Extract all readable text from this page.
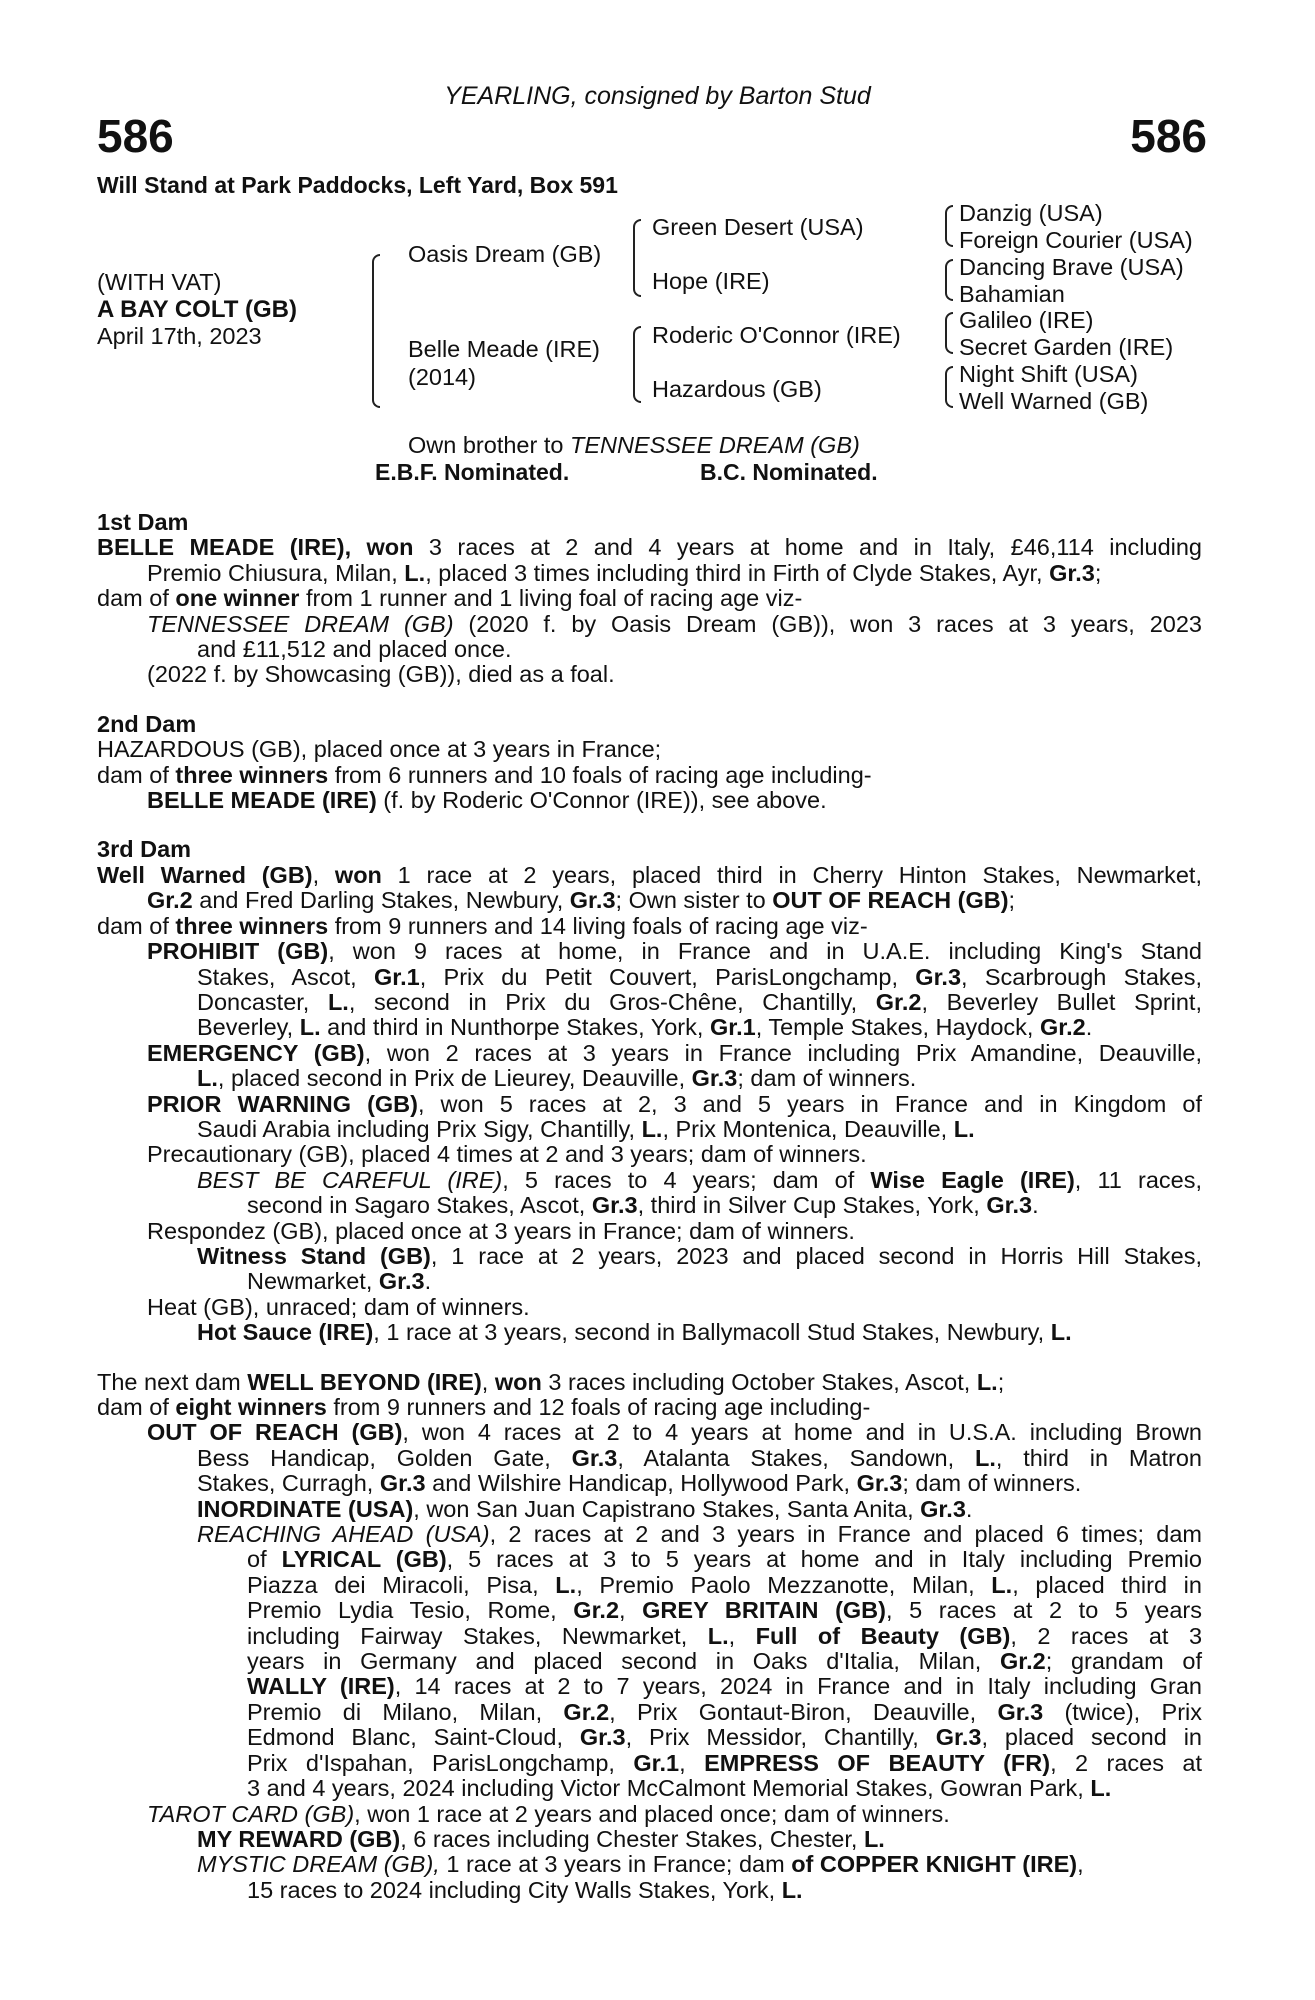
YEARLING, consigned by Barton Stud
586	586
Will Stand at Park Paddocks, Left Yard, Box 591
(WITH VAT)
A BAY COLT (GB)
April 17th, 2023
Oasis Dream (GB)
Belle Meade (IRE)
(2014)
Green Desert (USA)
Hope (IRE)
Roderic O'Connor (IRE)
Hazardous (GB)
Danzig (USA)
Foreign Courier (USA)
Dancing Brave (USA)
Bahamian
Galileo (IRE)
Secret Garden (IRE)
Night Shift (USA)
Well Warned (GB)
Own brother to TENNESSEE DREAM (GB)
E.B.F. Nominated.	B.C. Nominated.
1st Dam
BELLE MEADE (IRE), won 3 races at 2 and 4 years at home and in Italy, £46,114 including
Premio Chiusura, Milan, L., placed 3 times including third in Firth of Clyde Stakes, Ayr, Gr.3;
dam of one winner from 1 runner and 1 living foal of racing age viz-
TENNESSEE DREAM (GB) (2020 f. by Oasis Dream (GB)), won 3 races at 3 years, 2023
and £11,512 and placed once.
(2022 f. by Showcasing (GB)), died as a foal.
2nd Dam
HAZARDOUS (GB), placed once at 3 years in France;
dam of three winners from 6 runners and 10 foals of racing age including-
BELLE MEADE (IRE) (f. by Roderic O'Connor (IRE)), see above.
3rd Dam
Well Warned (GB), won 1 race at 2 years, placed third in Cherry Hinton Stakes, Newmarket,
Gr.2 and Fred Darling Stakes, Newbury, Gr.3; Own sister to OUT OF REACH (GB);
dam of three winners from 9 runners and 14 living foals of racing age viz-
PROHIBIT (GB), won 9 races at home, in France and in U.A.E. including King's Stand
Stakes, Ascot, Gr.1, Prix du Petit Couvert, ParisLongchamp, Gr.3, Scarbrough Stakes,
Doncaster, L., second in Prix du Gros-Chêne, Chantilly, Gr.2, Beverley Bullet Sprint,
Beverley, L. and third in Nunthorpe Stakes, York, Gr.1, Temple Stakes, Haydock, Gr.2.
EMERGENCY (GB), won 2 races at 3 years in France including Prix Amandine, Deauville,
L., placed second in Prix de Lieurey, Deauville, Gr.3; dam of winners.
PRIOR WARNING (GB), won 5 races at 2, 3 and 5 years in France and in Kingdom of
Saudi Arabia including Prix Sigy, Chantilly, L., Prix Montenica, Deauville, L.
Precautionary (GB), placed 4 times at 2 and 3 years; dam of winners.
BEST BE CAREFUL (IRE), 5 races to 4 years; dam of Wise Eagle (IRE), 11 races,
second in Sagaro Stakes, Ascot, Gr.3, third in Silver Cup Stakes, York, Gr.3.
Respondez (GB), placed once at 3 years in France; dam of winners.
Witness Stand (GB), 1 race at 2 years, 2023 and placed second in Horris Hill Stakes,
Newmarket, Gr.3.
Heat (GB), unraced; dam of winners.
Hot Sauce (IRE), 1 race at 3 years, second in Ballymacoll Stud Stakes, Newbury, L.
The next dam WELL BEYOND (IRE), won 3 races including October Stakes, Ascot, L.;
dam of eight winners from 9 runners and 12 foals of racing age including-
OUT OF REACH (GB), won 4 races at 2 to 4 years at home and in U.S.A. including Brown
Bess Handicap, Golden Gate, Gr.3, Atalanta Stakes, Sandown, L., third in Matron
Stakes, Curragh, Gr.3 and Wilshire Handicap, Hollywood Park, Gr.3; dam of winners.
INORDINATE (USA), won San Juan Capistrano Stakes, Santa Anita, Gr.3.
REACHING AHEAD (USA), 2 races at 2 and 3 years in France and placed 6 times; dam
of LYRICAL (GB), 5 races at 3 to 5 years at home and in Italy including Premio
Piazza dei Miracoli, Pisa, L., Premio Paolo Mezzanotte, Milan, L., placed third in
Premio Lydia Tesio, Rome, Gr.2, GREY BRITAIN (GB), 5 races at 2 to 5 years
including Fairway Stakes, Newmarket, L., Full of Beauty (GB), 2 races at 3
years in Germany and placed second in Oaks d'Italia, Milan, Gr.2; grandam of
WALLY (IRE), 14 races at 2 to 7 years, 2024 in France and in Italy including Gran
Premio di Milano, Milan, Gr.2, Prix Gontaut-Biron, Deauville, Gr.3 (twice), Prix
Edmond Blanc, Saint-Cloud, Gr.3, Prix Messidor, Chantilly, Gr.3, placed second in
Prix d'Ispahan, ParisLongchamp, Gr.1, EMPRESS OF BEAUTY (FR), 2 races at
3 and 4 years, 2024 including Victor McCalmont Memorial Stakes, Gowran Park, L.
TAROT CARD (GB), won 1 race at 2 years and placed once; dam of winners.
MY REWARD (GB), 6 races including Chester Stakes, Chester, L.
MYSTIC DREAM (GB), 1 race at 3 years in France; dam of COPPER KNIGHT (IRE),
15 races to 2024 including City Walls Stakes, York, L.
